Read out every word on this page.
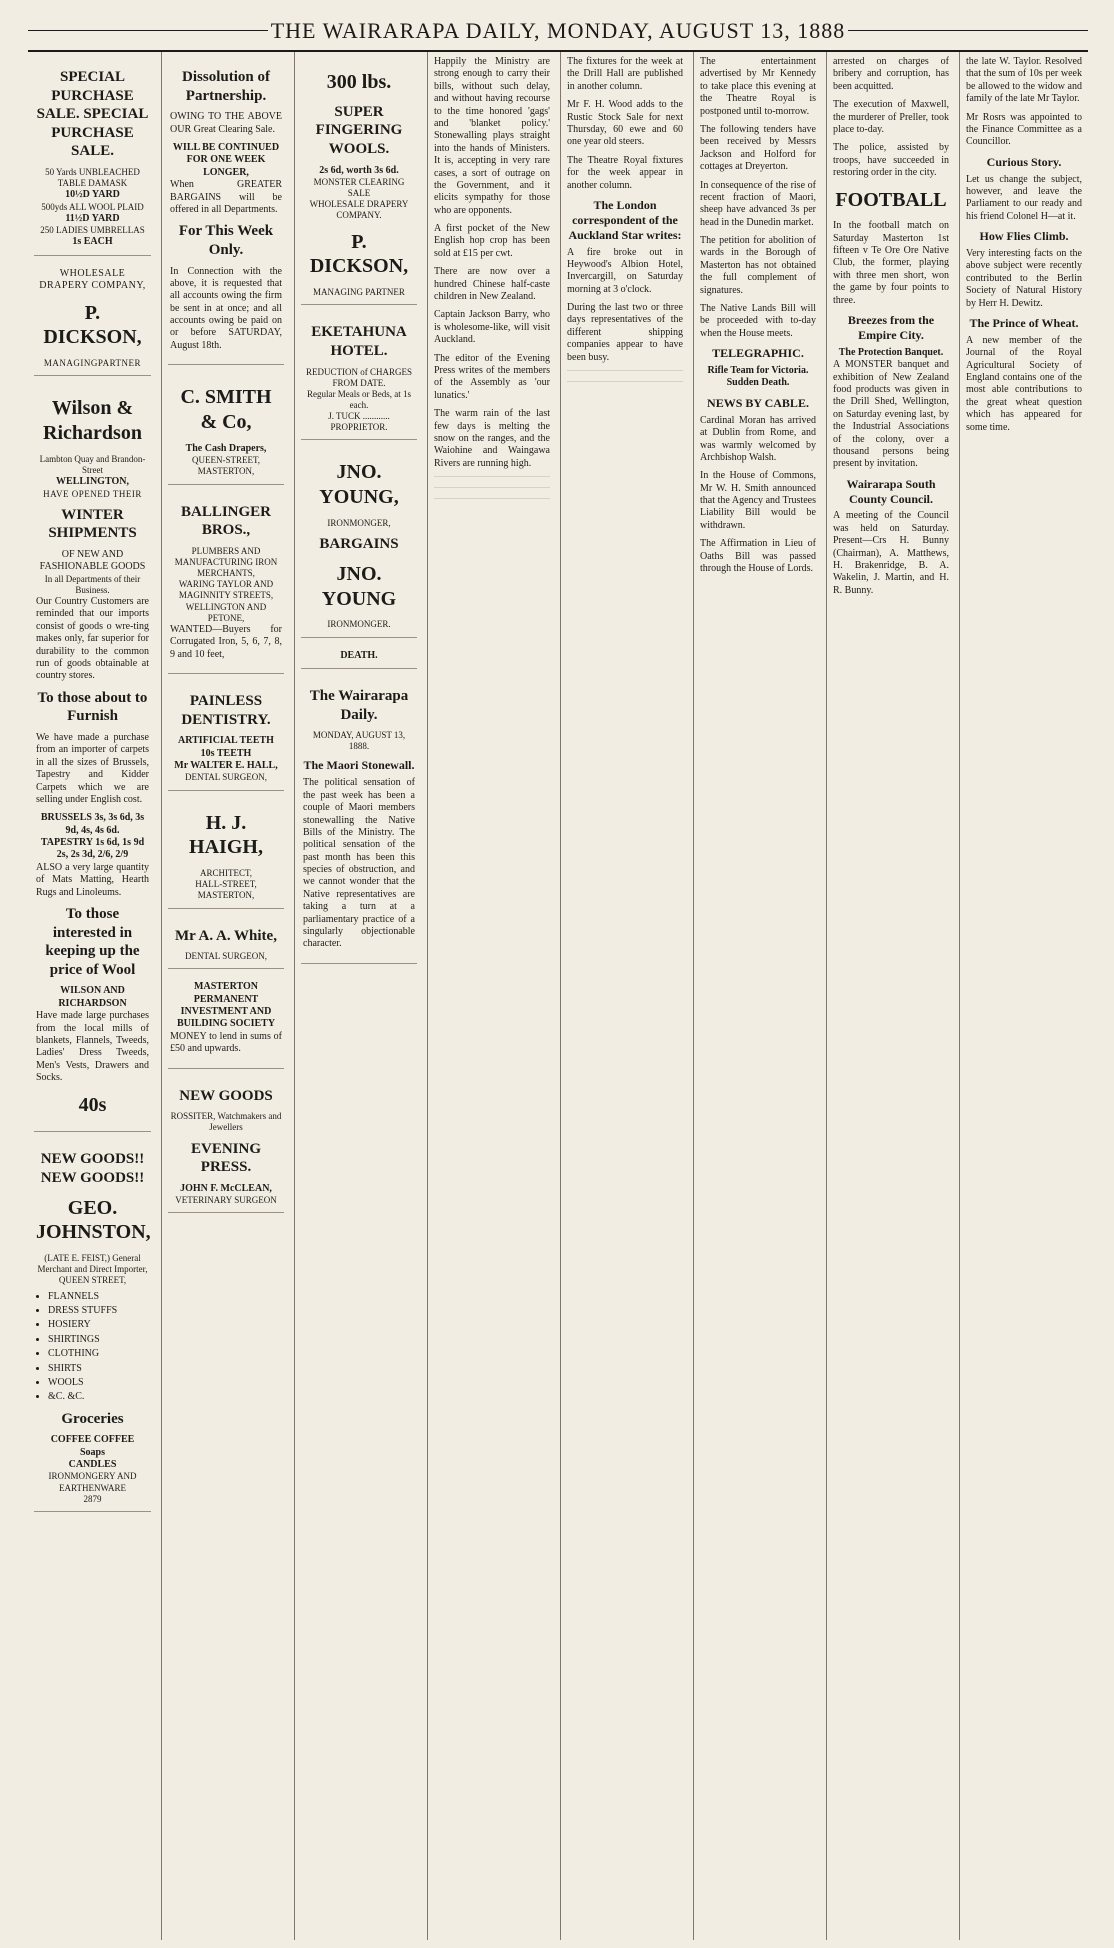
THE WAIRARAPA DAILY, MONDAY, AUGUST 13, 1888
SPECIAL PURCHASE SALE. SPECIAL PURCHASE SALE.
50 Yards UNBLEACHED TABLE DAMASK
10½D YARD
500yds ALL WOOL PLAID
11½D YARD
250 LADIES UMBRELLAS
1s EACH
WHOLESALE DRAPERY COMPANY,
P. DICKSON,
MANAGINGPARTNER
Wilson & Richardson
Lambton Quay and Brandon-Street
WELLINGTON,
HAVE OPENED THEIR
WINTER SHIPMENTS
OF NEW AND FASHIONABLE GOODS
In all Departments of their Business.

Our Country Customers are reminded that our imports consist of goods o wre-ting makes only, far superior for durability to the common run of goods obtainable at country stores.

To those about to Furnish

We have made a purchase from an importer of carpets in all the sizes of Brussels, Tapestry and Kidder Carpets which we are selling under English cost.

BRUSSELS 3s, 3s 6d, 3s 9d, 4s, 4s 6d.
TAPESTRY 1s 6d, 1s 9d 2s, 2s 3d, 2/6, 2/9

ALSO a very large quantity of Mats Matting, Hearth Rugs and Linoleums.

To those interested in keeping up the price of Wool
WILSON AND RICHARDSON

Have made large purchases from the local mills of blankets, Flannels, Tweeds, Ladies' Dress Tweeds, Men's Vests, Drawers and Socks.

40s
NEW GOODS!! NEW GOODS!!
GEO. JOHNSTON,
(LATE E. FEIST,) General Merchant and Direct Importer, QUEEN STREET,
• FLANNELS
• DRESS STUFFS
• HOSIERY
• SHIRTINGS
• CLOTHING
• SHIRTS
• WOOLS
• &C. &C.
Groceries
COFFEE COFFEE
Soaps
CANDLES
IRONMONGERY AND EARTHENWARE
2879
Dissolution of Partnership.

OWING TO THE ABOVE OUR Great Clearing Sale.

WILL BE CONTINUED FOR ONE WEEK LONGER,

When GREATER BARGAINS will be offered in all Departments.

For This Week Only.

In Connection with the above, it is requested that all accounts owing the firm be sent in at once; and all accounts owing be paid on or before SATURDAY, August 18th.

C. SMITH & Co,
The Cash Drapers,
QUEEN-STREET, MASTERTON,
BALLINGER BROS.,
PLUMBERS AND MANUFACTURING IRON MERCHANTS,
WARING TAYLOR AND MAGINNITY STREETS, WELLINGTON AND PETONE,

WANTED—Buyers for Corrugated Iron, 5, 6, 7, 8, 9 and 10 feet,

PAINLESS DENTISTRY.
ARTIFICIAL TEETH 10s TEETH
Mr WALTER E. HALL,
DENTAL SURGEON,
H. J. HAIGH,
ARCHITECT,
HALL-STREET, MASTERTON,
Mr A. A. White,
DENTAL SURGEON,
MASTERTON PERMANENT INVESTMENT AND BUILDING SOCIETY

MONEY to lend in sums of £50 and upwards.

NEW GOODS
ROSSITER, Watchmakers and Jewellers
EVENING PRESS.
JOHN F. McCLEAN,
VETERINARY SURGEON
300 lbs.
SUPER FINGERING WOOLS.
2s 6d, worth 3s 6d.
MONSTER CLEARING SALE
WHOLESALE DRAPERY COMPANY.
P. DICKSON,
MANAGING PARTNER
EKETAHUNA HOTEL.
REDUCTION of CHARGES FROM DATE.
Regular Meals or Beds, at 1s each.
J. TUCK ............ PROPRIETOR.
JNO. YOUNG,
IRONMONGER,
BARGAINS
JNO. YOUNG
IRONMONGER.
DEATH.
The Wairarapa Daily.
MONDAY, AUGUST 13, 1888.
The Maori Stonewall.

The political sensation of the past week has been a couple of Maori members stonewalling the Native Bills of the Ministry. The political sensation of the past month has been this species of obstruction, and we cannot wonder that the Native representatives are taking a turn at a parliamentary practice of a singularly objectionable character.

Happily the Ministry are strong enough to carry their bills, without such delay, and without having recourse to the time honored 'gags' and 'blanket policy.' Stonewalling plays straight into the hands of Ministers. It is, accepting in very rare cases, a sort of outrage on the Government, and it elicits sympathy for those who are opponents.

A first pocket of the New English hop crop has been sold at £15 per cwt.

There are now over a hundred Chinese half-caste children in New Zealand.

Captain Jackson Barry, who is wholesome-like, will visit Auckland.

The editor of the Evening Press writes of the members of the Assembly as 'our lunatics.'

The warm rain of the last few days is melting the snow on the ranges, and the Waiohine and Waingawa Rivers are running high.

The fixtures for the week at the Drill Hall are published in another column.

Mr F. H. Wood adds to the Rustic Stock Sale for next Thursday, 60 ewe and 60 one year old steers.

The Theatre Royal fixtures for the week appear in another column.

The London correspondent of the Auckland Star writes:

A fire broke out in Heywood's Albion Hotel, Invercargill, on Saturday morning at 3 o'clock.

During the last two or three days representatives of the different shipping companies appear to have been busy.

The entertainment advertised by Mr Kennedy to take place this evening at the Theatre Royal is postponed until to-morrow.

The following tenders have been received by Messrs Jackson and Holford for cottages at Dreyerton.

In consequence of the rise of recent fraction of Maori, sheep have advanced 3s per head in the Dunedin market.

The petition for abolition of wards in the Borough of Masterton has not obtained the full complement of signatures.

The Native Lands Bill will be proceeded with to-day when the House meets.

TELEGRAPHIC.
Rifle Team for Victoria.
Sudden Death.
NEWS BY CABLE.

Cardinal Moran has arrived at Dublin from Rome, and was warmly welcomed by Archbishop Walsh.

In the House of Commons, Mr W. H. Smith announced that the Agency and Trustees Liability Bill would be withdrawn.

The Affirmation in Lieu of Oaths Bill was passed through the House of Lords.

arrested on charges of bribery and corruption, has been acquitted.

The execution of Maxwell, the murderer of Preller, took place to-day.

The police, assisted by troops, have succeeded in restoring order in the city.

FOOTBALL

In the football match on Saturday Masterton 1st fifteen v Te Ore Ore Native Club, the former, playing with three men short, won the game by four points to three.

Breezes from the Empire City.
The Protection Banquet.

A MONSTER banquet and exhibition of New Zealand food products was given in the Drill Shed, Wellington, on Saturday evening last, by the Industrial Associations of the colony, over a thousand persons being present by invitation.

Wairarapa South County Council.

A meeting of the Council was held on Saturday. Present—Crs H. Bunny (Chairman), A. Matthews, H. Brakenridge, B. A. Wakelin, J. Martin, and H. R. Bunny.

the late W. Taylor. Resolved that the sum of 10s per week be allowed to the widow and family of the late Mr Taylor.

Mr Rosrs was appointed to the Finance Committee as a Councillor.

Curious Story.

Let us change the subject, however, and leave the Parliament to our ready and his friend Colonel H—at it.

How Flies Climb.

Very interesting facts on the above subject were recently contributed to the Berlin Society of Natural History by Herr H. Dewitz.

The Prince of Wheat.

A new member of the Journal of the Royal Agricultural Society of England contains one of the most able contributions to the great wheat question which has appeared for some time.
